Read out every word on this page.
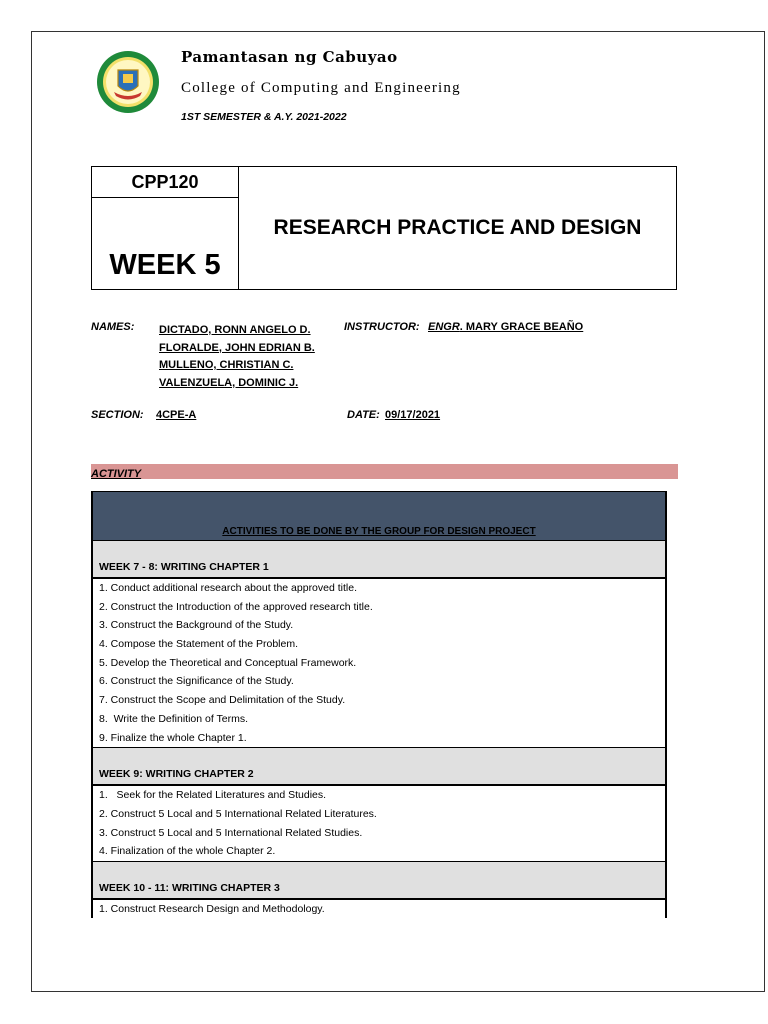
Pamantasan ng Cabuyao
College of Computing and Engineering
1ST SEMESTER & A.Y. 2021-2022
CPP120
WEEK 5
RESEARCH PRACTICE AND DESIGN
NAMES: DICTADO, RONN ANGELO D.
FLORALDE, JOHN EDRIAN B.
MULLENO, CHRISTIAN C.
VALENZUELA, DOMINIC J.
INSTRUCTOR: ENGR. MARY GRACE BEAÑO
SECTION: 4CPE-A	DATE: 09/17/2021
ACTIVITY
ACTIVITIES TO BE DONE BY THE GROUP FOR DESIGN PROJECT
WEEK 7 - 8: WRITING CHAPTER 1
1. Conduct additional research about the approved title.
2. Construct the Introduction of the approved research title.
3. Construct the Background of the Study.
4. Compose the Statement of the Problem.
5. Develop the Theoretical and Conceptual Framework.
6. Construct the Significance of the Study.
7. Construct the Scope and Delimitation of the Study.
8.  Write the Definition of Terms.
9. Finalize the whole Chapter 1.
WEEK 9: WRITING CHAPTER 2
1.   Seek for the Related Literatures and Studies.
2. Construct 5 Local and 5 International Related Literatures.
3. Construct 5 Local and 5 International Related Studies.
4. Finalization of the whole Chapter 2.
WEEK 10 - 11: WRITING CHAPTER 3
1. Construct Research Design and Methodology.
